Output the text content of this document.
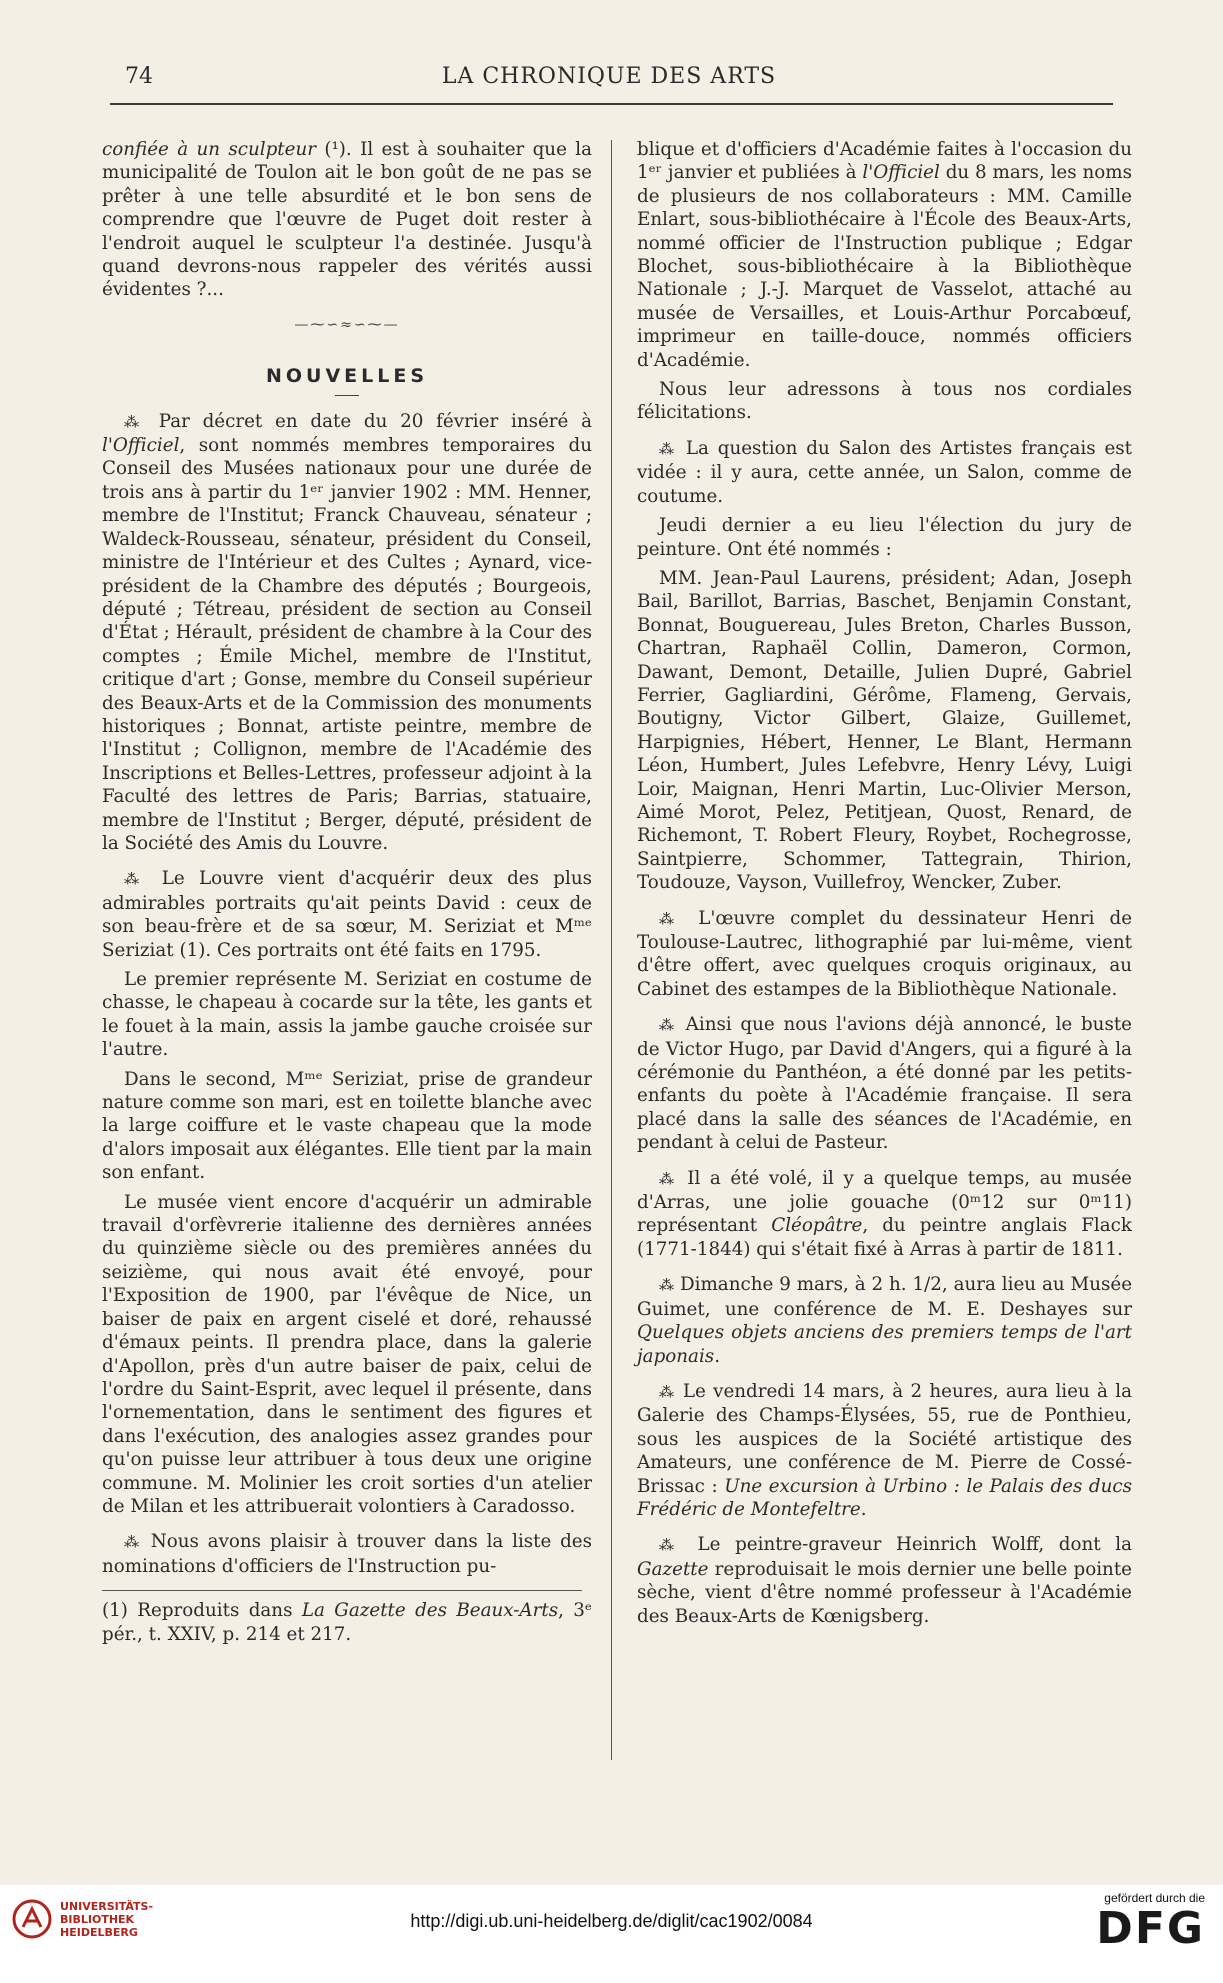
74	LA CHRONIQUE DES ARTS

confiée à un sculpteur (¹). Il est à souhaiter que la municipalité de Toulon ait le bon goût de ne pas se prêter à une telle absurdité et le bon sens de comprendre que l'œuvre de Puget doit rester à l'endroit auquel le sculpteur l'a destinée. Jusqu'à quand devrons-nous rappeler des vérités aussi évidentes ?...

—⁓∽≈∽⁓—
NOUVELLES

⁂ Par décret en date du 20 février inséré à l'Officiel, sont nommés membres temporaires du Conseil des Musées nationaux pour une durée de trois ans à partir du 1ᵉʳ janvier 1902 : MM. Henner, membre de l'Institut; Franck Chauveau, sénateur ; Waldeck-Rousseau, sénateur, président du Conseil, ministre de l'Intérieur et des Cultes ; Aynard, vice-président de la Chambre des députés ; Bourgeois, député ; Tétreau, président de section au Conseil d'État ; Hérault, président de chambre à la Cour des comptes ; Émile Michel, membre de l'Institut, critique d'art ; Gonse, membre du Conseil supérieur des Beaux-Arts et de la Commission des monuments historiques ; Bonnat, artiste peintre, membre de l'Institut ; Collignon, membre de l'Académie des Inscriptions et Belles-Lettres, professeur adjoint à la Faculté des lettres de Paris; Barrias, statuaire, membre de l'Institut ; Berger, député, président de la Société des Amis du Louvre.

⁂ Le Louvre vient d'acquérir deux des plus admirables portraits qu'ait peints David : ceux de son beau-frère et de sa sœur, M. Seriziat et Mᵐᵉ Seriziat (1). Ces portraits ont été faits en 1795.

Le premier représente M. Seriziat en costume de chasse, le chapeau à cocarde sur la tête, les gants et le fouet à la main, assis la jambe gauche croisée sur l'autre.

Dans le second, Mᵐᵉ Seriziat, prise de grandeur nature comme son mari, est en toilette blanche avec la large coiffure et le vaste chapeau que la mode d'alors imposait aux élégantes. Elle tient par la main son enfant.

Le musée vient encore d'acquérir un admirable travail d'orfèvrerie italienne des dernières années du quinzième siècle ou des premières années du seizième, qui nous avait été envoyé, pour l'Exposition de 1900, par l'évêque de Nice, un baiser de paix en argent ciselé et doré, rehaussé d'émaux peints. Il prendra place, dans la galerie d'Apollon, près d'un autre baiser de paix, celui de l'ordre du Saint-Esprit, avec lequel il présente, dans l'ornementation, dans le sentiment des figures et dans l'exécution, des analogies assez grandes pour qu'on puisse leur attribuer à tous deux une origine commune. M. Molinier les croit sorties d'un atelier de Milan et les attribuerait volontiers à Caradosso.

⁂ Nous avons plaisir à trouver dans la liste des nominations d'officiers de l'Instruction pu-

(1) Reproduits dans La Gazette des Beaux-Arts, 3ᵉ pér., t. XXIV, p. 214 et 217.

blique et d'officiers d'Académie faites à l'occasion du 1ᵉʳ janvier et publiées à l'Officiel du 8 mars, les noms de plusieurs de nos collaborateurs : MM. Camille Enlart, sous-bibliothécaire à l'École des Beaux-Arts, nommé officier de l'Instruction publique ; Edgar Blochet, sous-bibliothécaire à la Bibliothèque Nationale ; J.-J. Marquet de Vasselot, attaché au musée de Versailles, et Louis-Arthur Porcabœuf, imprimeur en taille-douce, nommés officiers d'Académie.

Nous leur adressons à tous nos cordiales félicitations.

⁂ La question du Salon des Artistes français est vidée : il y aura, cette année, un Salon, comme de coutume.

Jeudi dernier a eu lieu l'élection du jury de peinture. Ont été nommés :

MM. Jean-Paul Laurens, président; Adan, Joseph Bail, Barillot, Barrias, Baschet, Benjamin Constant, Bonnat, Bouguereau, Jules Breton, Charles Busson, Chartran, Raphaël Collin, Dameron, Cormon, Dawant, Demont, Detaille, Julien Dupré, Gabriel Ferrier, Gagliardini, Gérôme, Flameng, Gervais, Boutigny, Victor Gilbert, Glaize, Guillemet, Harpignies, Hébert, Henner, Le Blant, Hermann Léon, Humbert, Jules Lefebvre, Henry Lévy, Luigi Loir, Maignan, Henri Martin, Luc-Olivier Merson, Aimé Morot, Pelez, Petitjean, Quost, Renard, de Richemont, T. Robert Fleury, Roybet, Rochegrosse, Saintpierre, Schommer, Tattegrain, Thirion, Toudouze, Vayson, Vuillefroy, Wencker, Zuber.

⁂ L'œuvre complet du dessinateur Henri de Toulouse-Lautrec, lithographié par lui-même, vient d'être offert, avec quelques croquis originaux, au Cabinet des estampes de la Bibliothèque Nationale.

⁂ Ainsi que nous l'avions déjà annoncé, le buste de Victor Hugo, par David d'Angers, qui a figuré à la cérémonie du Panthéon, a été donné par les petits-enfants du poète à l'Académie française. Il sera placé dans la salle des séances de l'Académie, en pendant à celui de Pasteur.

⁂ Il a été volé, il y a quelque temps, au musée d'Arras, une jolie gouache (0ᵐ12 sur 0ᵐ11) représentant Cléopâtre, du peintre anglais Flack (1771-1844) qui s'était fixé à Arras à partir de 1811.

⁂ Dimanche 9 mars, à 2 h. 1/2, aura lieu au Musée Guimet, une conférence de M. E. Deshayes sur Quelques objets anciens des premiers temps de l'art japonais.

⁂ Le vendredi 14 mars, à 2 heures, aura lieu à la Galerie des Champs-Élysées, 55, rue de Ponthieu, sous les auspices de la Société artistique des Amateurs, une conférence de M. Pierre de Cossé-Brissac : Une excursion à Urbino : le Palais des ducs Frédéric de Montefeltre.

⁂ Le peintre-graveur Heinrich Wolff, dont la Gazette reproduisait le mois dernier une belle pointe sèche, vient d'être nommé professeur à l'Académie des Beaux-Arts de Kœnigsberg.

UNIVERSITÄTS-
BIBLIOTHEK
HEIDELBERG
http://digi.ub.uni-heidelberg.de/diglit/cac1902/0084
gefördert durch die
DFG
